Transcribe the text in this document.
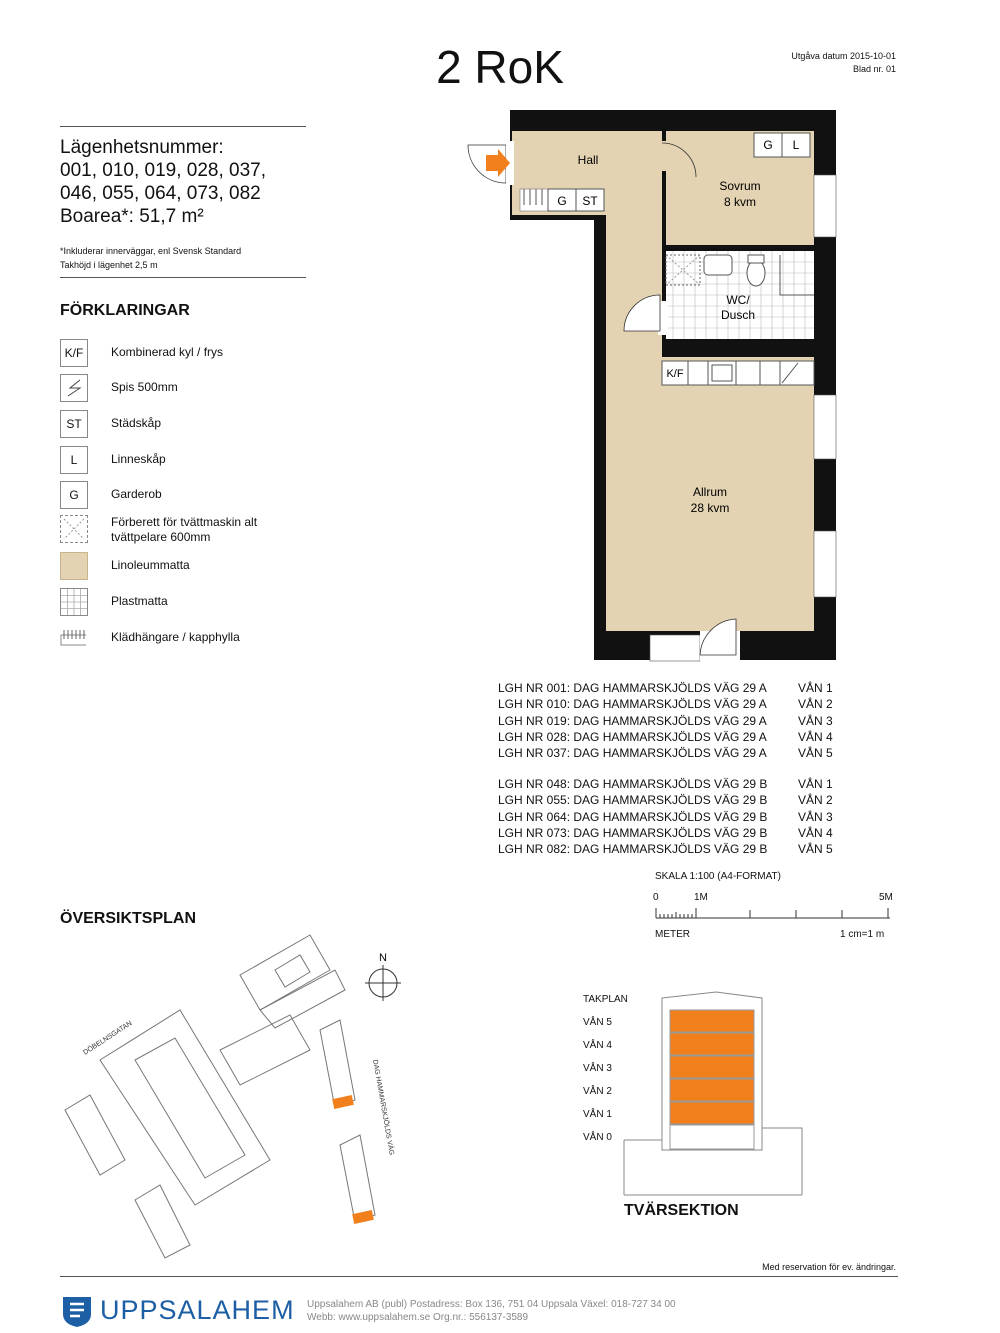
2 RoK	Utgåva datum 2015-10-01
Blad nr. 01
Lägenhetsnummer:
001, 010, 019, 028, 037,
046, 055, 064, 073, 082
Boarea*: 51,7 m²
*Inkluderar innerväggar, enl Svensk Standard
Takhöjd i lägenhet 2,5 m
FÖRKLARINGAR
K/F	Kombinerad kyl / frys
Spis 500mm
ST	Städskåp
L	Linneskåp
G	Garderob
Förberett för tvättmaskin alt tvättpelare 600mm
Linoleummatta
Plastmatta
Klädhängare / kapphylla
Hall
Sovrum
8 kvm
WC/
Dusch
Allrum
28 kvm
G ST
G L
K/F
LGH NR 001: DAG HAMMARSKJÖLDS VÄG 29 A	VÅN 1
LGH NR 010: DAG HAMMARSKJÖLDS VÄG 29 A	VÅN 2
LGH NR 019: DAG HAMMARSKJÖLDS VÄG 29 A	VÅN 3
LGH NR 028: DAG HAMMARSKJÖLDS VÄG 29 A	VÅN 4
LGH NR 037: DAG HAMMARSKJÖLDS VÄG 29 A	VÅN 5
LGH NR 048: DAG HAMMARSKJÖLDS VÄG 29 B	VÅN 1
LGH NR 055: DAG HAMMARSKJÖLDS VÄG 29 B	VÅN 2
LGH NR 064: DAG HAMMARSKJÖLDS VÄG 29 B	VÅN 3
LGH NR 073: DAG HAMMARSKJÖLDS VÄG 29 B	VÅN 4
LGH NR 082: DAG HAMMARSKJÖLDS VÄG 29 B	VÅN 5
SKALA 1:100 (A4-FORMAT)
0	1M	5M
METER	1 cm=1 m
ÖVERSIKTSPLAN
N
DÖBELNSGATAN
DAG HAMMARSKJÖLDS VÄG
TAKPLAN
VÅN 5
VÅN 4
VÅN 3
VÅN 2
VÅN 1
VÅN 0
TVÄRSEKTION
Med reservation för ev. ändringar.
UPPSALAHEM Uppsalahem AB (publ) Postadress: Box 136, 751 04 Uppsala Växel: 018-727 34 00
Webb: www.uppsalahem.se Org.nr.: 556137-3589
